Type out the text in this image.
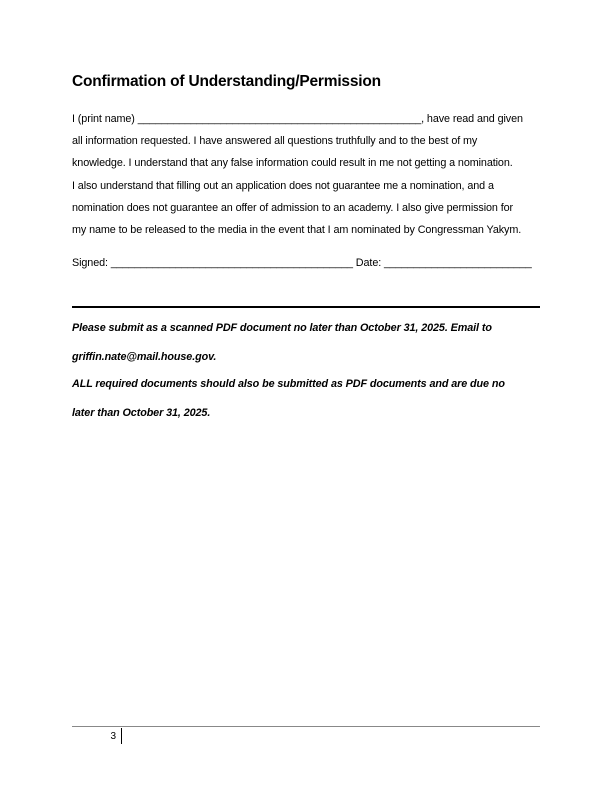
Confirmation of Understanding/Permission

I (print name) ________________________________________________, have read and given
all information requested. I have answered all questions truthfully and to the best of my
knowledge. I understand that any false information could result in me not getting a nomination.
I also understand that filling out an application does not guarantee me a nomination, and a
nomination does not guarantee an offer of admission to an academy. I also give permission for
my name to be released to the media in the event that I am nominated by Congressman Yakym.

Signed: _________________________________________ Date: _________________________

Please submit as a scanned PDF document no later than October 31, 2025. Email to
griffin.nate@mail.house.gov.

ALL required documents should also be submitted as PDF documents and are due no
later than October 31, 2025.

3
